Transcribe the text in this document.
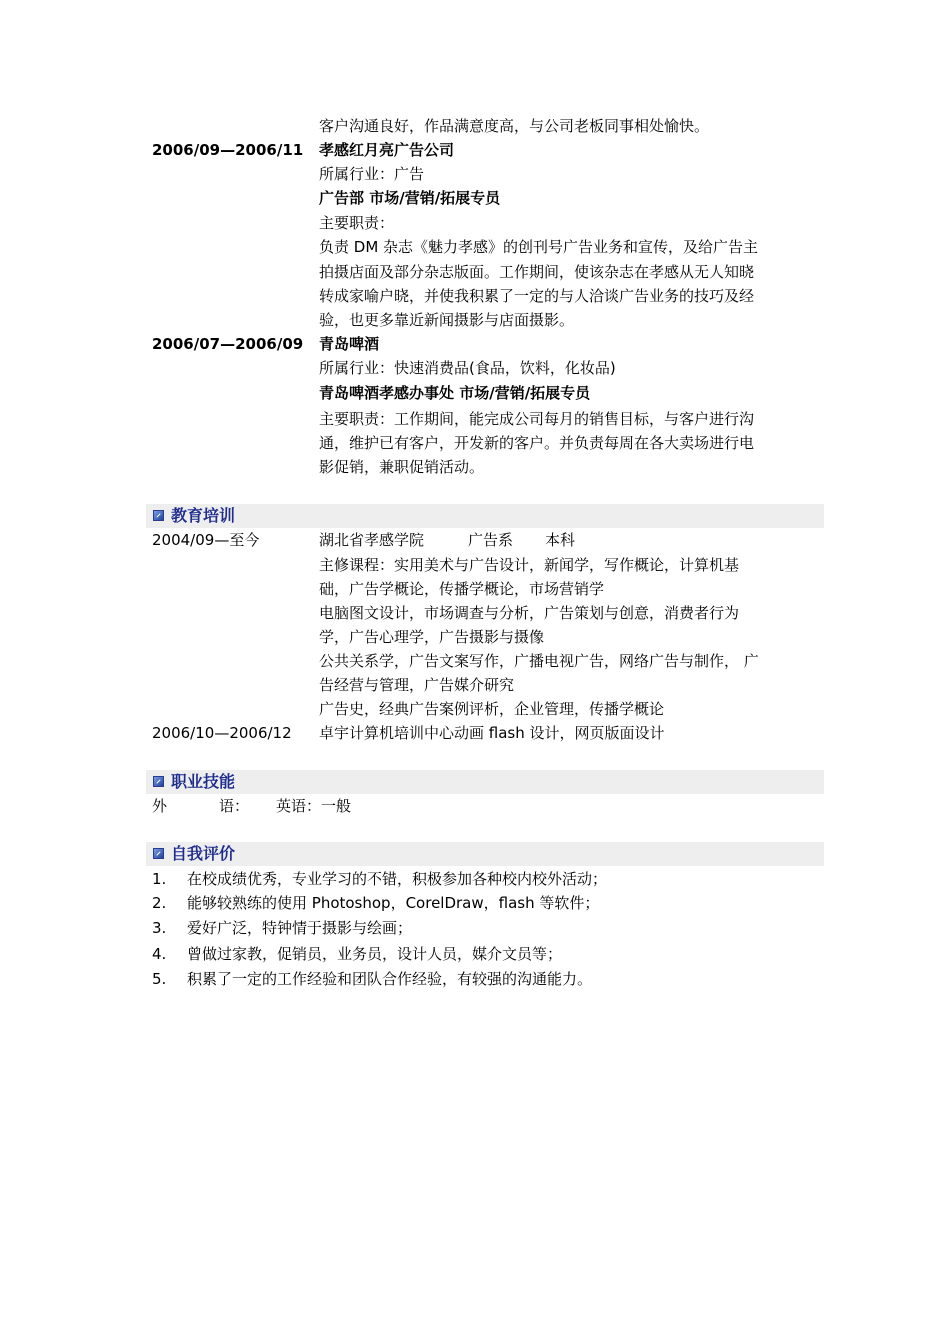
客户沟通良好，作品满意度高，与公司老板同事相处愉快。
2006/09—2006/11 孝感红月亮广告公司
所属行业：广告
广告部 市场/营销/拓展专员
主要职责：
负责 DM 杂志《魅力孝感》的创刊号广告业务和宣传，及给广告主
拍摄店面及部分杂志版面。工作期间，使该杂志在孝感从无人知晓
转成家喻户晓，并使我积累了一定的与人洽谈广告业务的技巧及经
验，也更多靠近新闻摄影与店面摄影。
2006/07—2006/09 青岛啤酒
所属行业：快速消费品(食品，饮料，化妆品)
青岛啤酒孝感办事处 市场/营销/拓展专员
主要职责：工作期间，能完成公司每月的销售目标，与客户进行沟
通，维护已有客户，开发新的客户。并负责每周在各大卖场进行电
影促销，兼职促销活动。
教育培训
2004/09—至今	湖北省孝感学院	广告系 本科
主修课程：实用美术与广告设计，新闻学，写作概论，计算机基
础，广告学概论，传播学概论，市场营销学
电脑图文设计，市场调查与分析，广告策划与创意，消费者行为
学，广告心理学，广告摄影与摄像
公共关系学，广告文案写作，广播电视广告，网络广告与制作， 广
告经营与管理，广告媒介研究
广告史，经典广告案例评析，企业管理，传播学概论
2006/10—2006/12 卓宇计算机培训中心动画 flash 设计，网页版面设计
职业技能
外	语： 英语：一般
自我评价
1. 在校成绩优秀，专业学习的不错，积极参加各种校内校外活动；
2. 能够较熟练的使用 Photoshop，CorelDraw，flash 等软件；
3. 爱好广泛，特钟情于摄影与绘画；
4. 曾做过家教，促销员，业务员，设计人员，媒介文员等；
5. 积累了一定的工作经验和团队合作经验，有较强的沟通能力。
